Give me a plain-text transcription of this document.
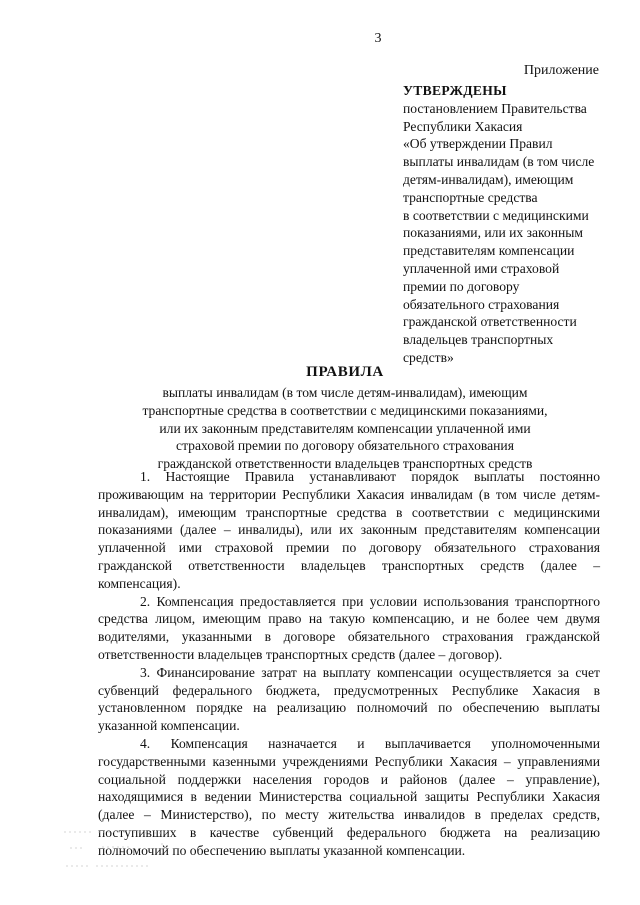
3
Приложение
УТВЕРЖДЕНЫ
постановлением Правительства
Республики Хакасия
«Об утверждении Правил
выплаты инвалидам (в том числе
детям-инвалидам), имеющим
транспортные средства
в соответствии с медицинскими
показаниями, или их законным
представителям компенсации
уплаченной ими страховой
премии по договору
обязательного страхования
гражданской ответственности
владельцев транспортных
средств»
ПРАВИЛА
выплаты инвалидам (в том числе детям-инвалидам), имеющим
транспортные средства в соответствии с медицинскими показаниями,
или их законным представителям компенсации уплаченной ими
страховой премии по договору обязательного страхования
гражданской ответственности владельцев транспортных средств

1. Настоящие Правила устанавливают порядок выплаты постоянно проживающим на территории Республики Хакасия инвалидам (в том числе детям-инвалидам), имеющим транспортные средства в соответствии с медицинскими показаниями (далее – инвалиды), или их законным представителям компенсации уплаченной ими страховой премии по договору обязательного страхования гражданской ответственности владельцев транспортных средств (далее – компенсация).

2. Компенсация предоставляется при условии использования транспортного средства лицом, имеющим право на такую компенсацию, и не более чем двумя водителями, указанными в договоре обязательного страхования гражданской ответственности владельцев транспортных средств (далее – договор).

3. Финансирование затрат на выплату компенсации осуществляется за счет субвенций федерального бюджета, предусмотренных Республике Хакасия в установленном порядке на реализацию полномочий по обеспечению выплаты указанной компенсации.

4. Компенсация назначается и выплачивается уполномоченными государственными казенными учреждениями Республики Хакасия – управлениями социальной поддержки населения городов и районов (далее – управление), находящимися в ведении Министерства социальной защиты Республики Хакасия (далее – Министерство), по месту жительства инвалидов в пределах средств, поступивших в качестве субвенций федерального бюджета на реализацию полномочий по обеспечению выплаты указанной компенсации.
